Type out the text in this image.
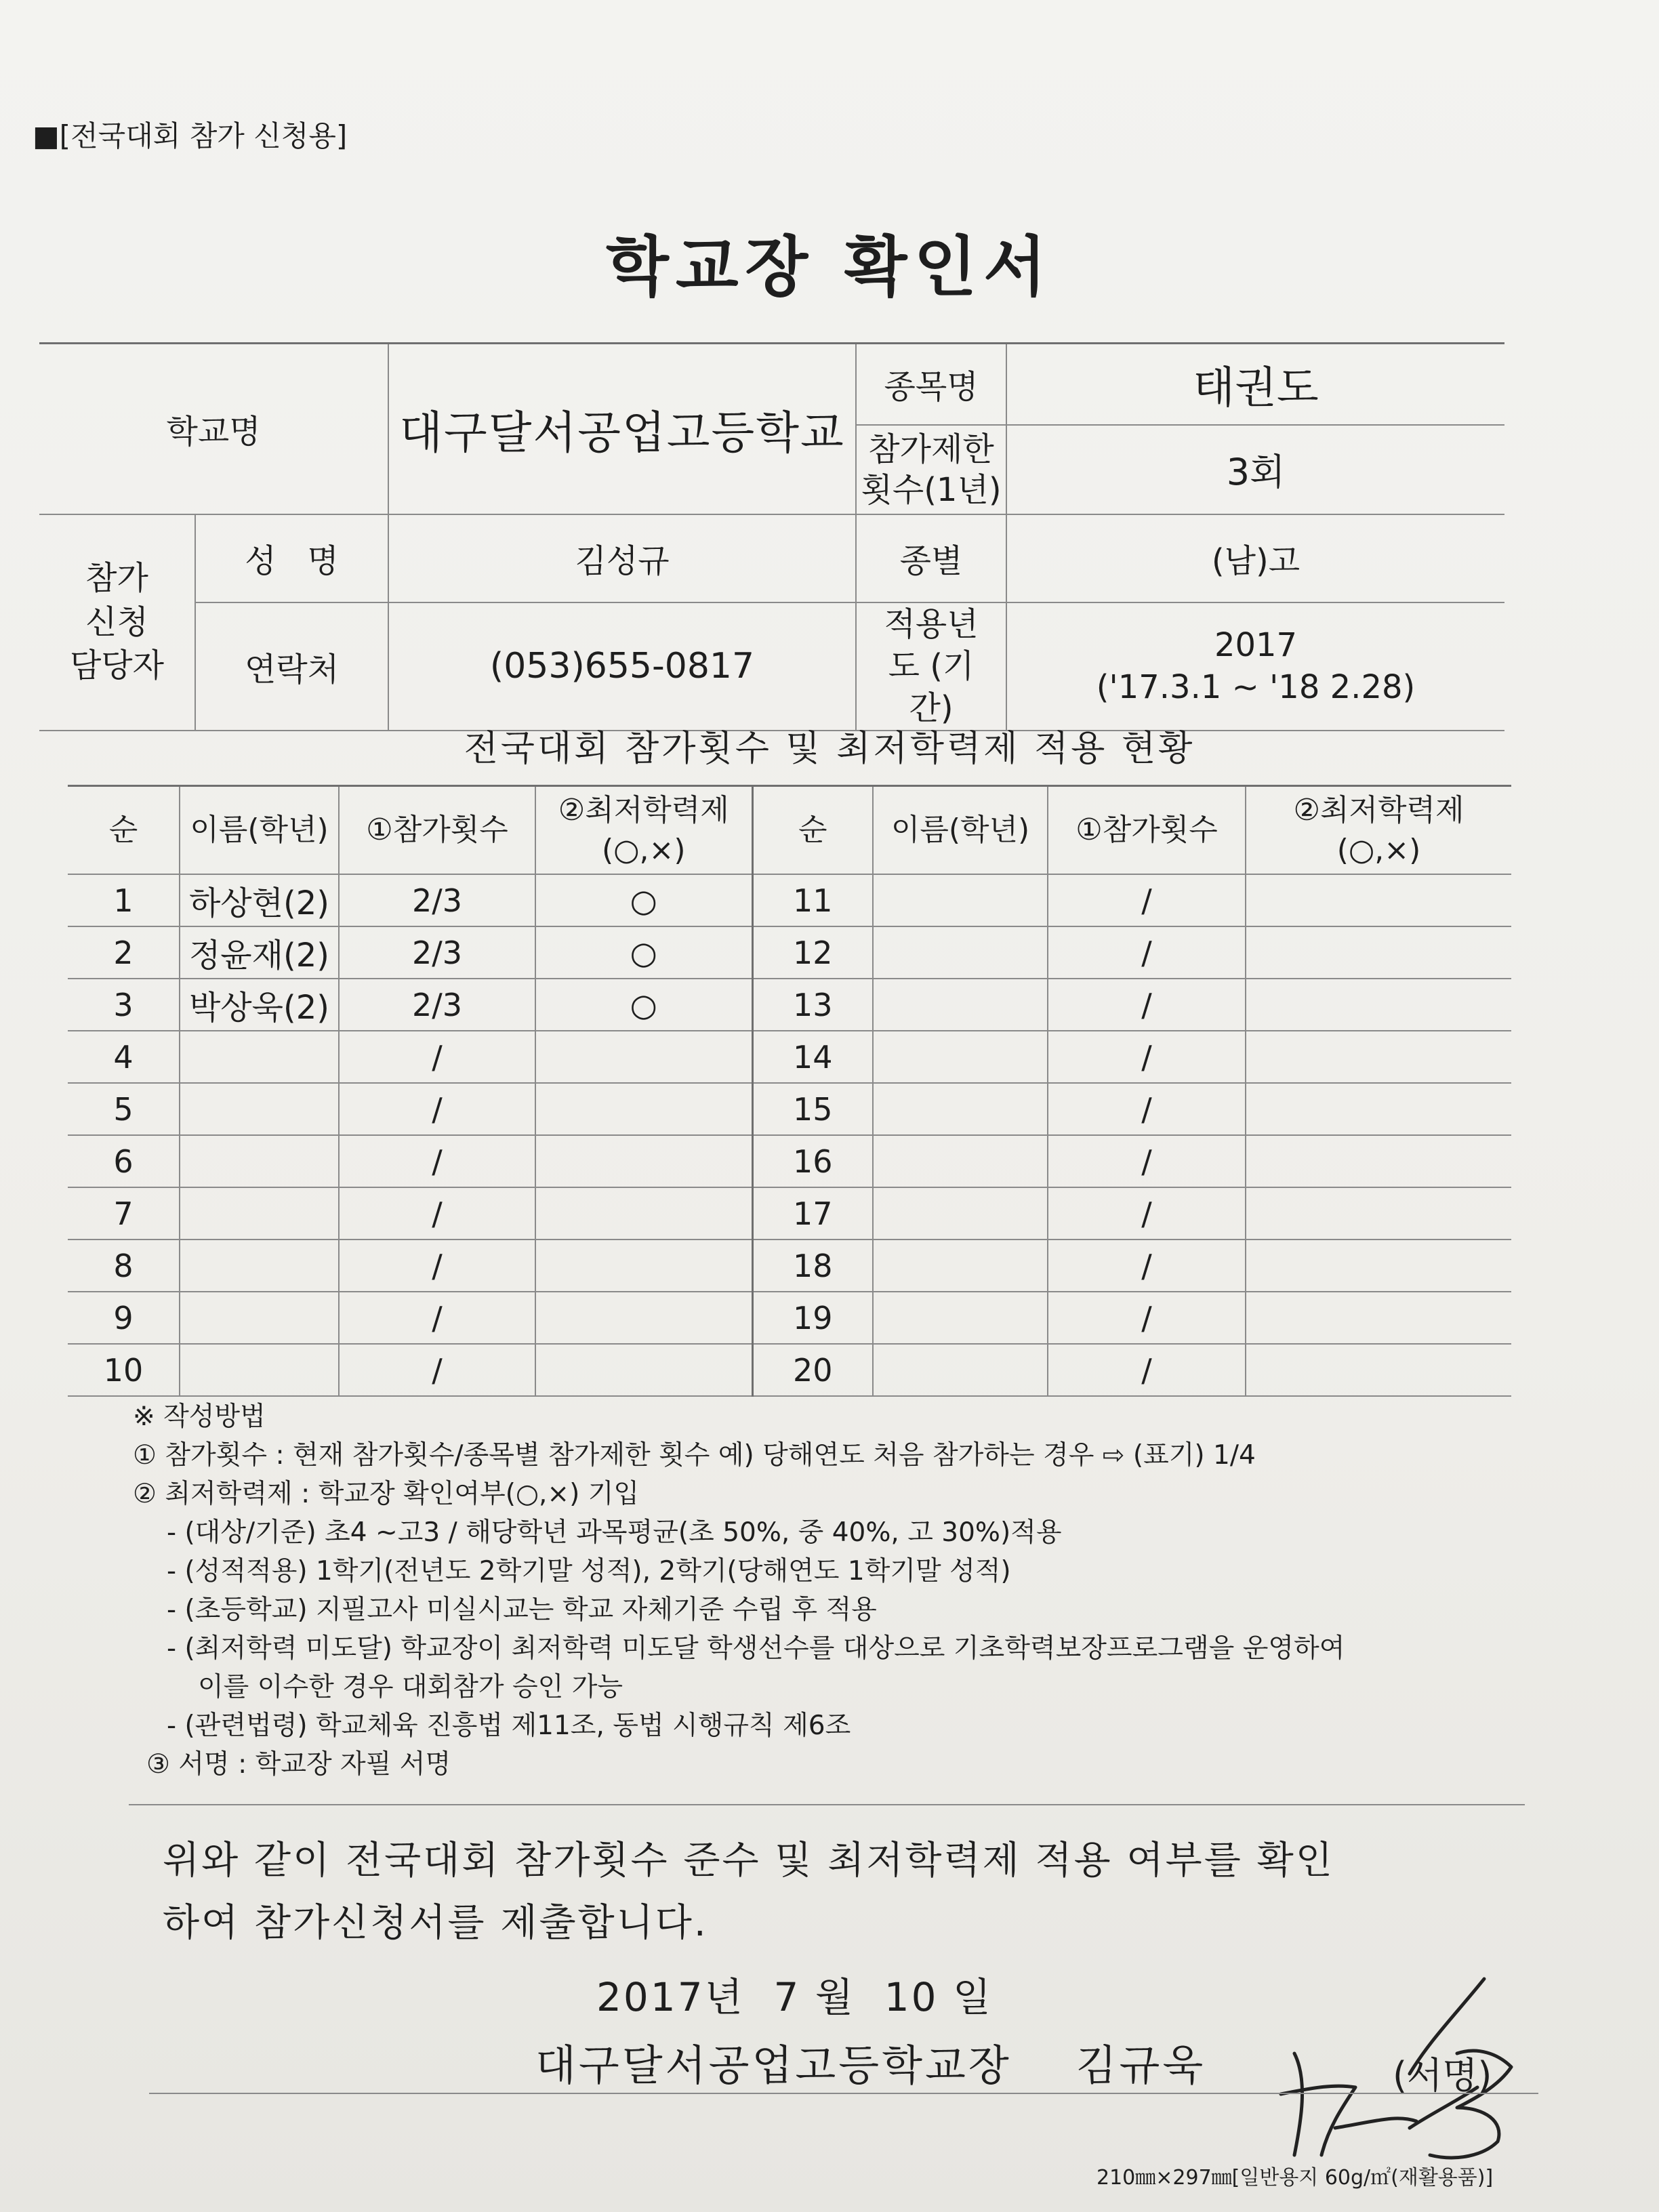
■[전국대회 참가 신청용]
학교장 확인서
학교명		대구달서공업고등학교	종목명	태권도
			참가제한 횟수(1년)	3회
참가 신청 담당자	성   명	김성규	종별	(남)고
	연락처	(053)655-0817	적용년도 (기간)	2017
('17.3.1 ~ '18 2.28)
전국대회 참가횟수 및 최저학력제 적용 현황
순	이름(학년)	①참가횟수	②최저학력제 (○,×)	순	이름(학년)	①참가횟수	②최저학력제 (○,×)
1	하상현(2)	2/3	○	11		/	
2	정윤재(2)	2/3	○	12		/	
3	박상욱(2)	2/3	○	13		/	
4		/		14		/	
5		/		15		/	
6		/		16		/	
7		/		17		/	
8		/		18		/	
9		/		19		/	
10		/		20		/	
※ 작성방법
① 참가횟수 : 현재 참가횟수/종목별 참가제한 횟수 예) 당해연도 처음 참가하는 경우 ⇨ (표기) 1/4
② 최저학력제 : 학교장 확인여부(○,×) 기입
- (대상/기준) 초4 ~고3 / 해당학년 과목평균(초 50%, 중 40%, 고 30%)적용
- (성적적용) 1학기(전년도 2학기말 성적), 2학기(당해연도 1학기말 성적)
- (초등학교) 지필고사 미실시교는 학교 자체기준 수립 후 적용
- (최저학력 미도달) 학교장이 최저학력 미도달 학생선수를 대상으로 기초학력보장프로그램을 운영하여
이를 이수한 경우 대회참가 승인 가능
- (관련법령) 학교체육 진흥법 제11조, 동법 시행규칙 제6조
③ 서명 : 학교장 자필 서명
위와 같이 전국대회 참가횟수 준수 및 최저학력제 적용 여부를 확인
하여 참가신청서를 제출합니다.
2017년  7 월  10 일
대구달서공업고등학교장    김규욱	(서명)
210㎜×297㎜[일반용지 60g/㎡(재활용품)]
